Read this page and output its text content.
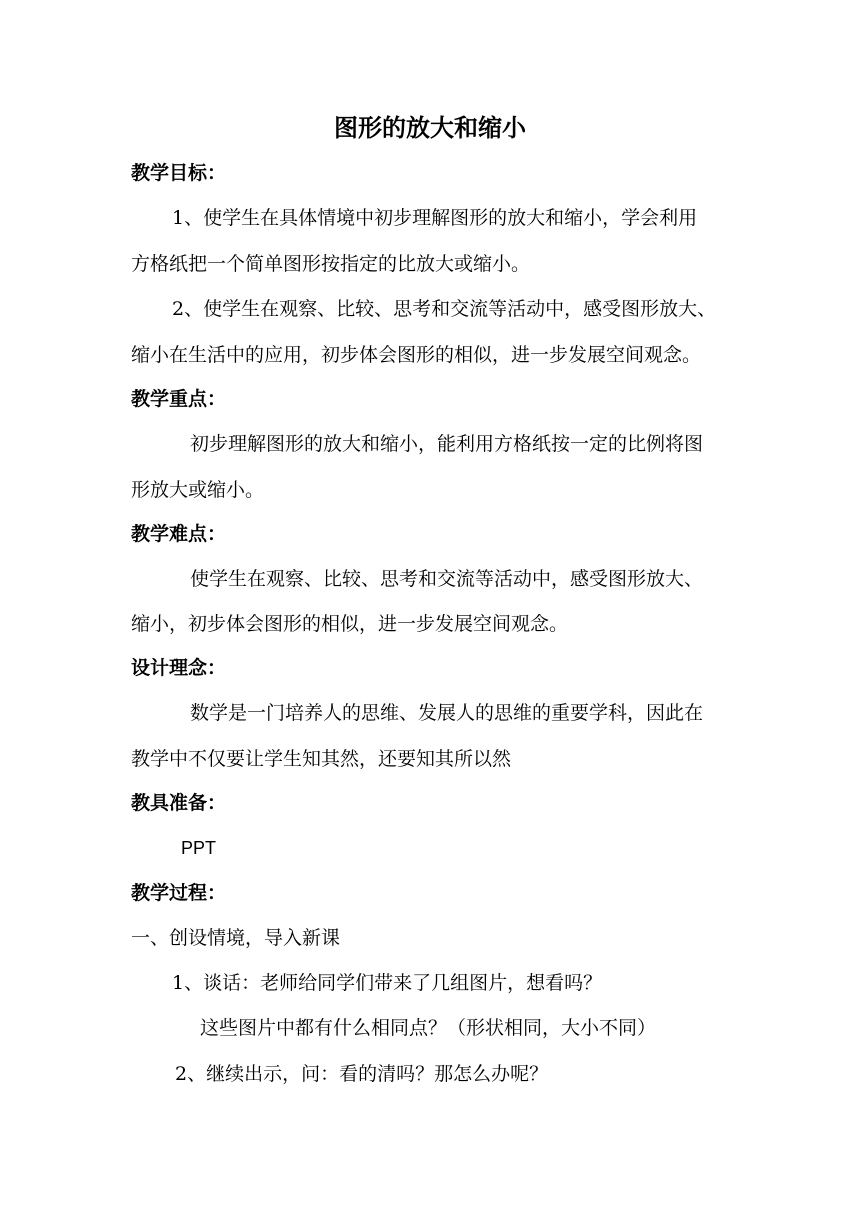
图形的放大和缩小
教学目标：
1、使学生在具体情境中初步理解图形的放大和缩小，学会利用
方格纸把一个简单图形按指定的比放大或缩小。
2、使学生在观察、比较、思考和交流等活动中，感受图形放大、
缩小在生活中的应用，初步体会图形的相似，进一步发展空间观念。
教学重点：
初步理解图形的放大和缩小，能利用方格纸按一定的比例将图
形放大或缩小。
教学难点：
使学生在观察、比较、思考和交流等活动中，感受图形放大、
缩小，初步体会图形的相似，进一步发展空间观念。
设计理念：
数学是一门培养人的思维、发展人的思维的重要学科，因此在
教学中不仅要让学生知其然，还要知其所以然
教具准备：
PPT
教学过程：
一、创设情境，导入新课
1、谈话：老师给同学们带来了几组图片，想看吗？
这些图片中都有什么相同点？（形状相同，大小不同）
2、继续出示，问：看的清吗？那怎么办呢？
